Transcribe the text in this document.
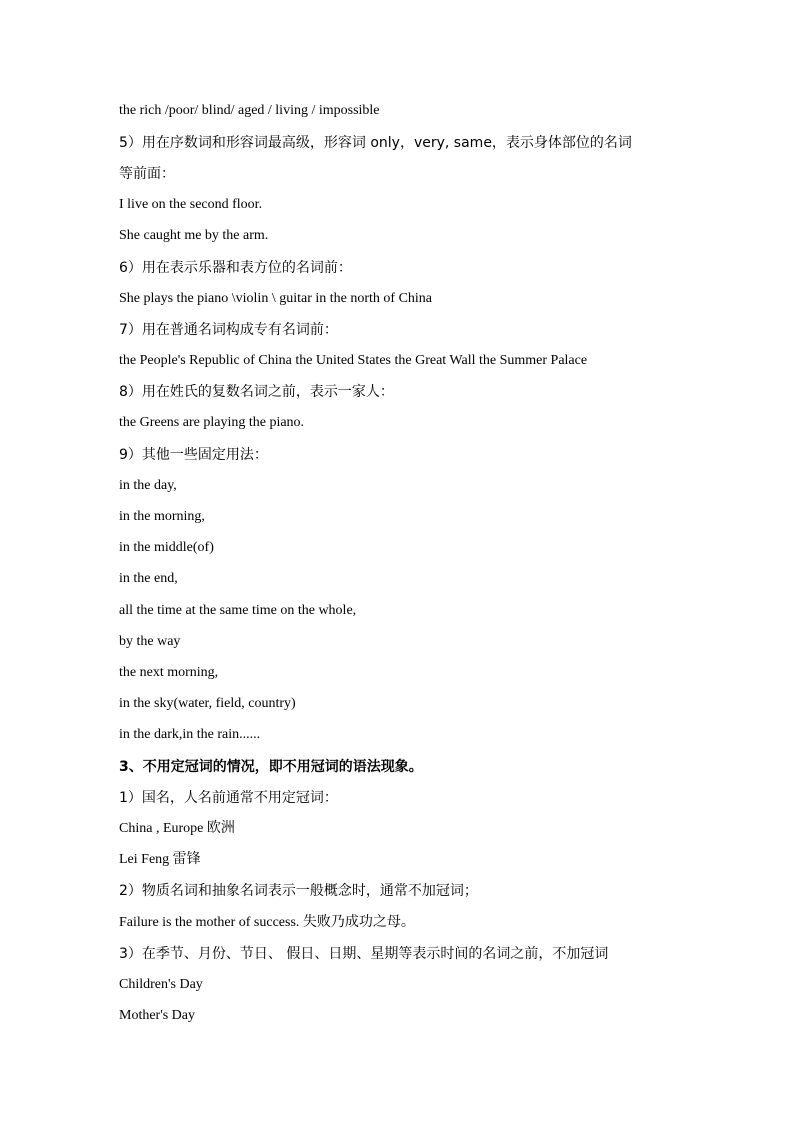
the rich /poor/ blind/ aged / living / impossible
5）用在序数词和形容词最高级，形容词 only，very, same，表示身体部位的名词
等前面：
I live on the second floor.
She caught me by the arm.
6）用在表示乐器和表方位的名词前：
She plays the piano \violin \ guitar in the north of China
7）用在普通名词构成专有名词前：
the People's Republic of China the United States the Great Wall the Summer Palace
8）用在姓氏的复数名词之前，表示一家人：
the Greens are playing the piano.
9）其他一些固定用法：
in the day,
in the morning,
in the middle(of)
in the end,
all the time at the same time on the whole,
by the way
the next morning,
in the sky(water, field, country)
in the dark,in the rain......
3、不用定冠词的情况，即不用冠词的语法现象。
1）国名，人名前通常不用定冠词：
China , Europe 欧洲
Lei Feng 雷锋
2）物质名词和抽象名词表示一般概念时，通常不加冠词；
Failure is the mother of success. 失败乃成功之母。
3）在季节、月份、节日、 假日、日期、星期等表示时间的名词之前，不加冠词
Children's Day
Mother's Day
